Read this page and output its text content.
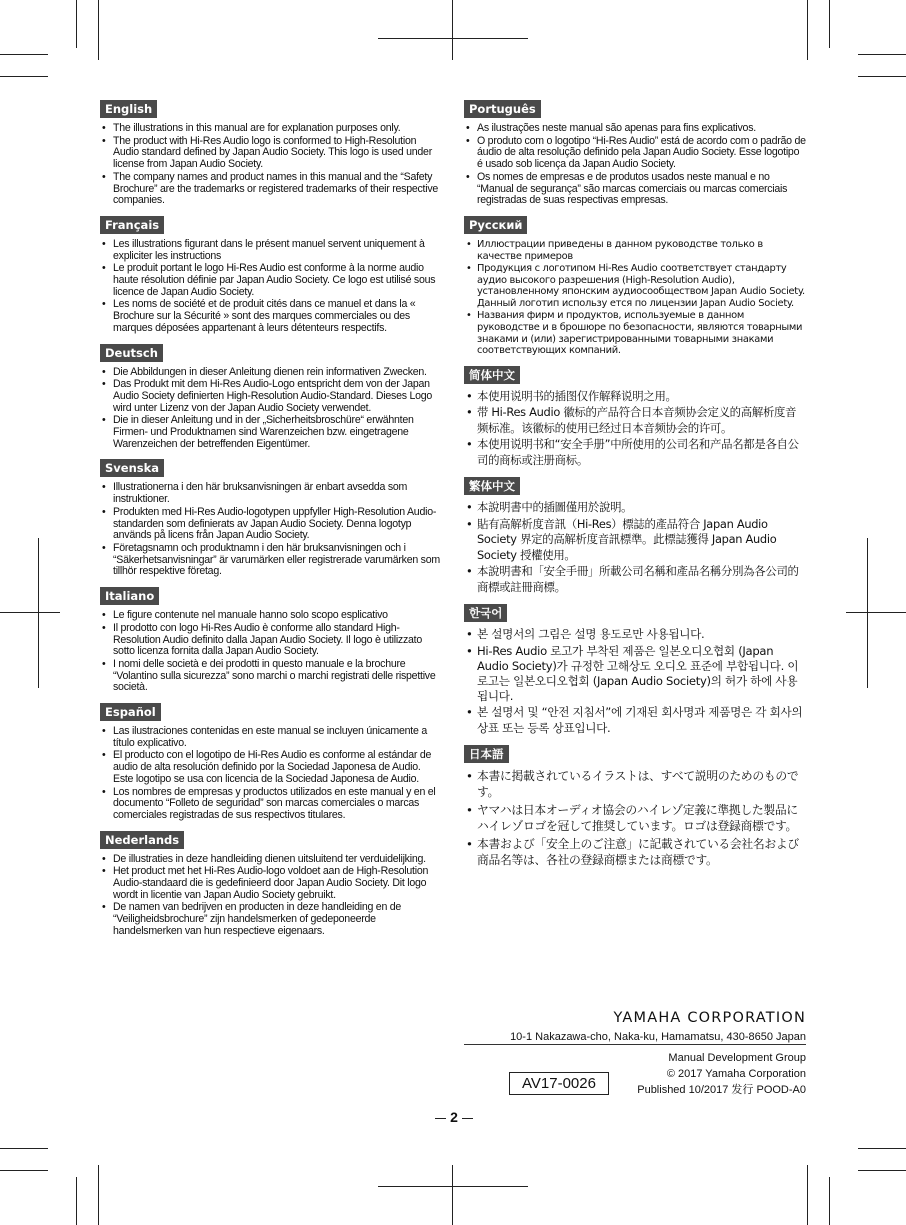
English
• The illustrations in this manual are for explanation purposes only.
• The product with Hi-Res Audio logo is conformed to High-Resolution Audio standard defined by Japan Audio Society. This logo is used under license from Japan Audio Society.
• The company names and product names in this manual and the “Safety Brochure” are the trademarks or registered trademarks of their respective companies.
Français
• Les illustrations figurant dans le présent manuel servent uniquement à expliciter les instructions
• Le produit portant le logo Hi-Res Audio est conforme à la norme audio haute résolution définie par Japan Audio Society. Ce logo est utilisé sous licence de Japan Audio Society.
• Les noms de société et de produit cités dans ce manuel et dans la « Brochure sur la Sécurité » sont des marques commerciales ou des marques déposées appartenant à leurs détenteurs respectifs.
Deutsch
• Die Abbildungen in dieser Anleitung dienen rein informativen Zwecken.
• Das Produkt mit dem Hi-Res Audio-Logo entspricht dem von der Japan Audio Society definierten High-Resolution Audio-Standard. Dieses Logo wird unter Lizenz von der Japan Audio Society verwendet.
• Die in dieser Anleitung und in der „Sicherheitsbroschüre“ erwähnten Firmen- und Produktnamen sind Warenzeichen bzw. eingetragene Warenzeichen der betreffenden Eigentümer.
Svenska
• Illustrationerna i den här bruksanvisningen är enbart avsedda som instruktioner.
• Produkten med Hi-Res Audio-logotypen uppfyller High-Resolution Audio-standarden som definierats av Japan Audio Society. Denna logotyp används på licens från Japan Audio Society.
• Företagsnamn och produktnamn i den här bruksanvisningen och i “Säkerhetsanvisningar” är varumärken eller registrerade varumärken som tillhör respektive företag.
Italiano
• Le figure contenute nel manuale hanno solo scopo esplicativo
• Il prodotto con logo Hi-Res Audio è conforme allo standard High-Resolution Audio definito dalla Japan Audio Society. Il logo è utilizzato sotto licenza fornita dalla Japan Audio Society.
• I nomi delle società e dei prodotti in questo manuale e la brochure “Volantino sulla sicurezza” sono marchi o marchi registrati delle rispettive società.
Español
• Las ilustraciones contenidas en este manual se incluyen únicamente a título explicativo.
• El producto con el logotipo de Hi-Res Audio es conforme al estándar de audio de alta resolución definido por la Sociedad Japonesa de Audio. Este logotipo se usa con licencia de la Sociedad Japonesa de Audio.
• Los nombres de empresas y productos utilizados en este manual y en el documento “Folleto de seguridad” son marcas comerciales o marcas comerciales registradas de sus respectivos titulares.
Nederlands
• De illustraties in deze handleiding dienen uitsluitend ter verduidelijking.
• Het product met het Hi-Res Audio-logo voldoet aan de High-Resolution Audio-standaard die is gedefinieerd door Japan Audio Society. Dit logo wordt in licentie van Japan Audio Society gebruikt.
• De namen van bedrijven en producten in deze handleiding en de “Veiligheidsbrochure” zijn handelsmerken of gedeponeerde handelsmerken van hun respectieve eigenaars.
Português
• As ilustrações neste manual são apenas para fins explicativos.
• O produto com o logotipo “Hi-Res Audio” está de acordo com o padrão de áudio de alta resolução definido pela Japan Audio Society. Esse logotipo é usado sob licença da Japan Audio Society.
• Os nomes de empresas e de produtos usados neste manual e no “Manual de segurança” são marcas comerciais ou marcas comerciais registradas de suas respectivas empresas.
Русский
• Иллюстрации приведены в данном руководстве только в качестве примеров
• Продукция с логотипом Hi-Res Audio соответствует стандарту аудио высокого разрешения (High-Resolution Audio), установленному японским аудиосообществом Japan Audio Society. Данный логотип использу ется по лицензии Japan Audio Society.
• Названия фирм и продуктов, используемые в данном руководстве и в брошюре по безопасности, являются товарными знаками и (или) зарегистрированными товарными знаками соответствующих компаний.
简体中文
• 本使用说明书的插图仅作解释说明之用。
• 带 Hi-Res Audio 徽标的产品符合日本音频协会定义的高解析度音频标准。该徽标的使用已经过日本音频协会的许可。
• 本使用说明书和“安全手册”中所使用的公司名和产品名都是各自公司的商标或注册商标。
繁体中文
• 本說明書中的插圖僅用於說明。
• 貼有高解析度音訊（Hi-Res）標誌的產品符合 Japan Audio Society 界定的高解析度音訊標準。此標誌獲得 Japan Audio Society 授權使用。
• 本說明書和「安全手冊」所載公司名稱和產品名稱分別為各公司的商標或註冊商標。
한국어
• 본 설명서의 그림은 설명 용도로만 사용됩니다.
• Hi-Res Audio 로고가 부착된 제품은 일본오디오협회 (Japan Audio Society)가 규정한 고해상도 오디오 표준에 부합됩니다. 이 로고는 일본오디오협회 (Japan Audio Society)의 허가 하에 사용됩니다.
• 본 설명서 및 “안전 지침서”에 기재된 회사명과 제품명은 각 회사의 상표 또는 등록 상표입니다.
日本語
• 本書に掲載されているイラストは、すべて説明のためのものです。
• ヤマハは日本オーディオ協会のハイレゾ定義に準拠した製品にハイレゾロゴを冠して推奨しています。ロゴは登録商標です。
• 本書および「安全上のご注意」に記載されている会社名および商品名等は、各社の登録商標または商標です。
YAMAHA CORPORATION
10-1 Nakazawa-cho, Naka-ku, Hamamatsu, 430-8650 Japan
Manual Development Group
© 2017 Yamaha Corporation
Published 10/2017 发行 POOD-A0
AV17-0026
2
